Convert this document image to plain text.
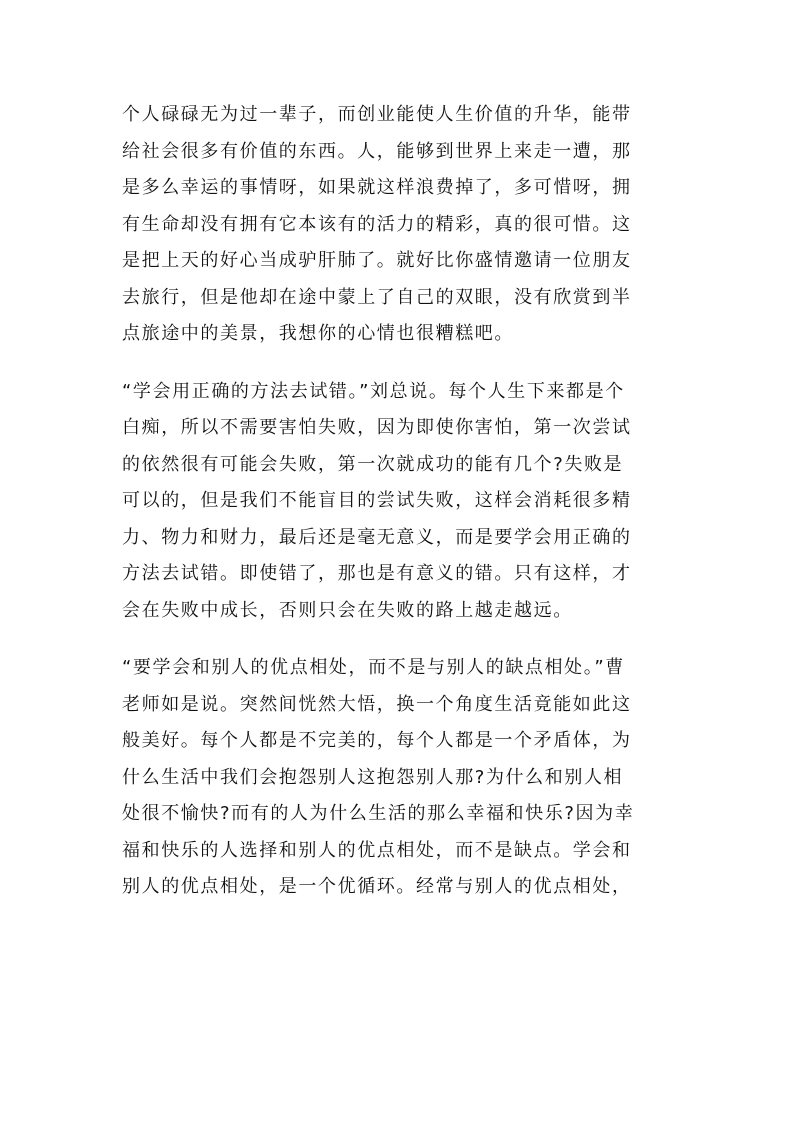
个人碌碌无为过一辈子，而创业能使人生价值的升华，能带
给社会很多有价值的东西。人，能够到世界上来走一遭，那
是多么幸运的事情呀，如果就这样浪费掉了，多可惜呀，拥
有生命却没有拥有它本该有的活力的精彩，真的很可惜。这
是把上天的好心当成驴肝肺了。就好比你盛情邀请一位朋友
去旅行，但是他却在途中蒙上了自己的双眼，没有欣赏到半
点旅途中的美景，我想你的心情也很糟糕吧。
“学会用正确的方法去试错。”刘总说。每个人生下来都是个
白痴，所以不需要害怕失败，因为即使你害怕，第一次尝试
的依然很有可能会失败，第一次就成功的能有几个?失败是
可以的，但是我们不能盲目的尝试失败，这样会消耗很多精
力、物力和财力，最后还是毫无意义，而是要学会用正确的
方法去试错。即使错了，那也是有意义的错。只有这样，才
会在失败中成长，否则只会在失败的路上越走越远。
“要学会和别人的优点相处，而不是与别人的缺点相处。”曹
老师如是说。突然间恍然大悟，换一个角度生活竟能如此这
般美好。每个人都是不完美的，每个人都是一个矛盾体，为
什么生活中我们会抱怨别人这抱怨别人那?为什么和别人相
处很不愉快?而有的人为什么生活的那么幸福和快乐?因为幸
福和快乐的人选择和别人的优点相处，而不是缺点。学会和
别人的优点相处，是一个优循环。经常与别人的优点相处，
